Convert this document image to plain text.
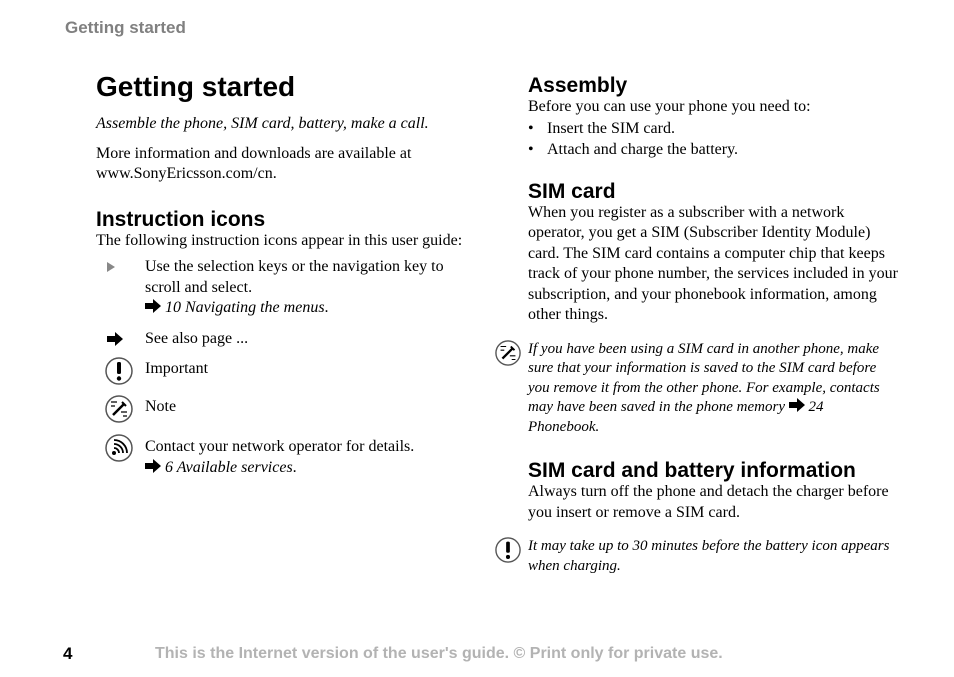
Getting started
Getting started

Assemble the phone, SIM card, battery, make a call.

More information and downloads are available at www.SonyEricsson.com/cn.

Instruction icons

The following instruction icons appear in this user guide:

Use the selection keys or the navigation key to scroll and select.

10 Navigating the menus.

See also page ...

Important

Note

Contact your network operator for details.

6 Available services.

Assembly

Before you can use your phone you need to:

• Insert the SIM card.
• Attach and charge the battery.
SIM card

When you register as a subscriber with a network operator, you get a SIM (Subscriber Identity Module) card. The SIM card contains a computer chip that keeps track of your phone number, the services included in your subscription, and your phonebook information, among other things.

If you have been using a SIM card in another phone, make sure that your information is saved to the SIM card before you remove it from the other phone. For example, contacts may have been saved in the phone memory 24 Phonebook.

SIM card and battery information

Always turn off the phone and detach the charger before you insert or remove a SIM card.

It may take up to 30 minutes before the battery icon appears when charging.

4	This is the Internet version of the user's guide. © Print only for private use.
